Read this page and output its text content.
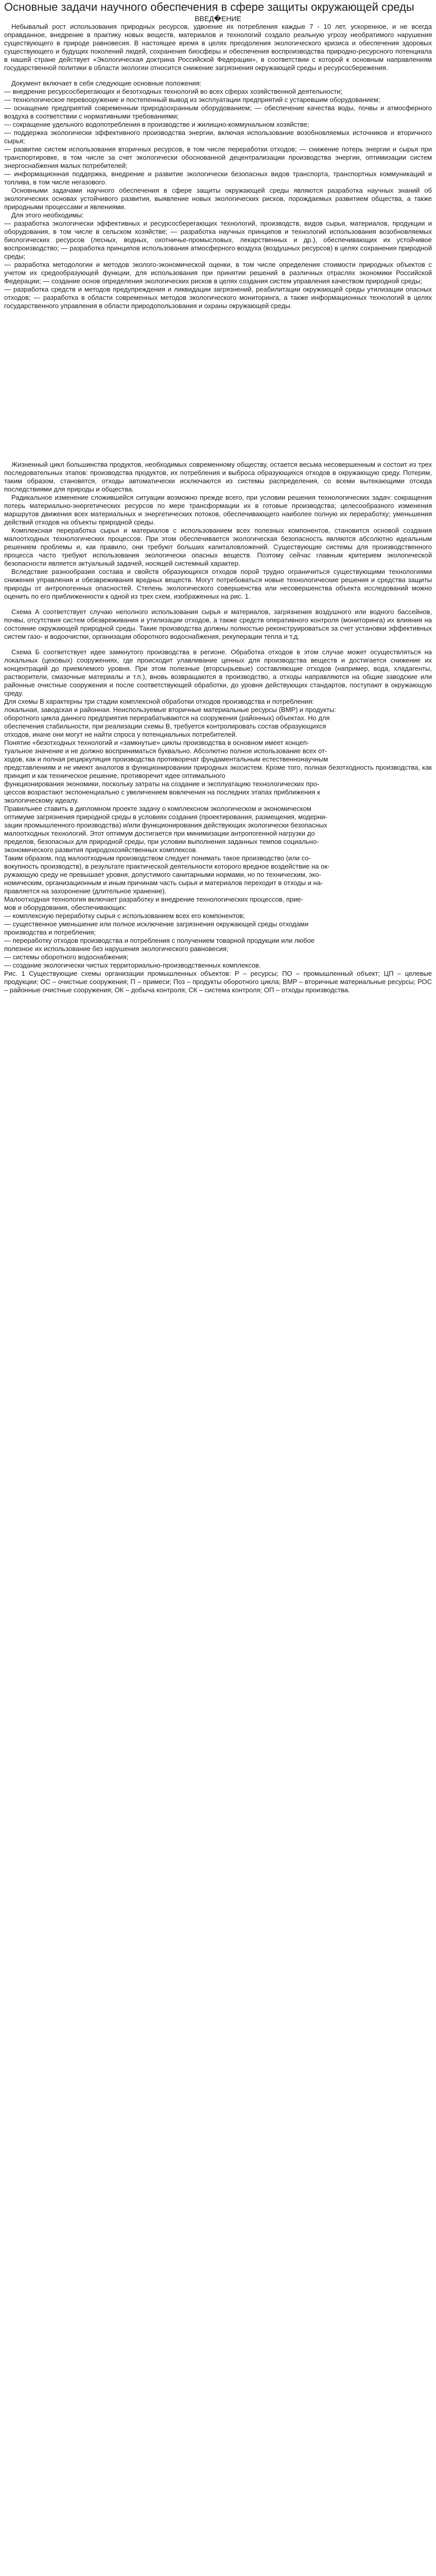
Основные задачи научного обеспечения в сфере защиты окружающей среды
ВВЕД�ЕНИЕ

Небывалый рост использования природных ресурсов, удвоение их потребления каждые 7 - 10 лет, ускоренное, и не всегда оправданное, внедрение в практику новых веществ, материалов и технологий создало реальную угрозу необратимого нарушения существующего в природе равновесия. В настоящее время в целях преодоления экологического кризиса и обеспечения здоровых существующего и будущих поколений людей, сохранения биосферы и обеспечения воспроизводства природно-ресурсного потенциала в нашей стране действует «Экологическая доктрина Российской Федерации», в соответствии с которой к основным направлениям государственной политики в области экологии относится снижение загрязнения окружающей среды и ресурсосбережения.

Документ включает в себя следующие основные положения:

— внедрение ресурсосберегающих и безотходных технологий во всех сферах хозяйственной деятельности;

— технологическое перевооружение и постепенный вывод из эксплуатации предприятий с устаревшим оборудованием;

— оснащение предприятий современным природоохранным оборудованием; — обеспечение качества воды, почвы и атмосферного воздуха в соответствии с нормативными требованиями;

— сокращение удельного водопотребления в производстве и жилищно-коммунальном хозяйстве;

— поддержка экологически эффективного производства энергии, включая использование возобновляемых источников и вторичного сырья;

— развитие систем использования вторичных ресурсов, в том числе переработки отходов; — снижение потерь энергии и сырья при транспортировке, в том числе за счет экологически обоснованной децентрализации производства энергии, оптимизации систем энергоснабжения малых потребителей;

— информационная поддержка, внедрение и развитие экологически безопасных видов транспорта, транспортных коммуникаций и топлива, в том числе негазового.

Основными задачами научного обеспечения в сфере защиты окружающей среды являются разработка научных знаний об экологических основах устойчивого развития, выявление новых экологических рисков, порождаемых развитием общества, а также природными процессами и явлениями.

Для этого необходимы:

— разработка экологически эффективных и ресурсосберегающих технологий, производств, видов сырья, материалов, продукции и оборудования, в том числе в сельском хозяйстве; — разработка научных принципов и технологий использования возобновляемых биологических ресурсов (лесных, водных, охотничье-промысловых, лекарственных и др.), обеспечивающих их устойчивое воспроизводство; — разработка принципов использования атмосферного воздуха (воздушных ресурсов) в целях сохранения природной среды;

— разработка методологии и методов эколого-экономической оценки, в том числе определения стоимости природных объектов с учетом их средообразующей функции, для использования при принятии решений в различных отраслях экономики Российской Федерации; — создание основ определения экологических рисков в целях создания систем управления качеством природной среды;

— разработка средств и методов предупреждения и ликвидации загрязнений, реабилитации окружающей среды утилизации опасных отходов; — разработка в области современных методов экологического мониторинга, а также информационных технологий в целях государственного управления в области природопользования и охраны окружающей среды.

Жизненный цикл большинства продуктов, необходимых современному обществу, остается весьма несовершенным и состоит из трех последовательных этапов: производства продуктов, их потребления и выброса образующихся отходов в окружающую среду. Потерям, таким образом, становятся, отходы автоматически исключаются из системы распределения, со всеми вытекающими отсюда последствиями для природы и общества.

Радикальное изменение сложившейся ситуации возможно прежде всего, при условии решения технологических задач: сокращения потерь материально-энергетических ресурсов по мере трансформации их в готовые производства; целесообразного изменения маршрутов движения всех материальных и энергетических потоков, обеспечивающего наиболее полную их переработку; уменьшения действий отходов на объекты природной среды.

Комплексная переработка сырья и материалов с использованием всех полезных компонентов, становится основой создания малоотходных технологических процессов. При этом обеспечивается экологическая безопасность являются абсолютно идеальным решением проблемы и, как правило, они требуют больших капиталовложений. Существующие системы для производственного процесса часто требуют использования экологически опасных веществ. Поэтому сейчас главным критерием экологической безопасности является актуальный задачей, носящей системный характер.

Вследствие разнообразия состава и свойств образующихся отходов порой трудно ограничиться существующими технологиями снижения управления и обезвреживания вредных веществ. Могут потребоваться новые технологические решения и средства защиты природы от антропогенных опасностей. Степень экологического совершенства или несовершенства объекта исследований можно оценить по его приближенности к одной из трех схем, изображенных на рис. 1.

Схема А соответствует случаю неполного использования сырья и материалов, загрязнения воздушного или водного бассейнов, почвы, отсутствия систем обезвреживания и утилизации отходов, а также средств оперативного контроля (мониторинга) их влияния на состояние окружающей природной среды. Такие производства должны полностью реконструироваться за счет установки эффективных систем газо- и водоочистки, организации оборотного водоснабжения, рекуперации тепла и т.д.

Схема Б соответствует идее замкнутого производства в регионе. Обработка отходов в этом случае может осуществляться на локальных (цеховых) сооружениях, где происходит улавливание ценных для производства веществ и достигается снижение их концентраций до приемлемого уровня. При этом полезные (вторсырьевые) составляющие отходов (например, вода, хладагенты, растворители, смазочные материалы и т.п.), вновь возвращаются в производство, а отходы направляются на общие заводские или районные очистные сооружения и после соответствующей обработки, до уровня действующих стандартов, поступают в окружающую среду.

Для схемы В характерны три стадии комплексной обработки отходов производства и потребления:

локальная, заводская и районная. Неиспользуемые вторичные материальные ресурсы (ВМР) и продукты:

оборотного цикла данного предприятия перерабатываются на сооружения (районных) объектах. Но для

обеспечения стабильности, при реализации схемы В, требуется контролировать состав образующихся

отходов, иначе они могут не найти спроса у потенциальных потребителей.

Понятие «безотходных технологий и «замкнутые» циклы производства в основном имеет концеп-

туальное значение и не должно восприниматься буквально. Абсолютно полное использование всех от-

ходов, как и полная рециркуляция производства противоречат фундаментальным естественнонаучным

представлениям и не имеют аналогов в функционировании природных экосистем. Кроме того, полная безотходность производства, как принцип и как техническое решение, противоречит идее оптимального

функционирования экономики, поскольку затраты на создание и эксплуатацию технологических про-

цессов возрастают экспоненциально с увеличением вовлечения на последних этапах приближения к

экологическому идеалу.

Правильнее ставить в дипломном проекте задачу о комплексном экологическом и экономическом

оптимуме загрязнения природной среды в условиях создания (проектирования, размещения, модерни-

зации промышленного производства) и/или функционирования действующих экологически безопасных

малоотходных технологий. Этот оптимум достигается при минимизации антропогенной нагрузки до

пределов, безопасных для природной среды, при условии выполнения заданных темпов социально-

экономического развития природохозяйственных комплексов.

Таким образом, под малоотходным производством следует понимать такое производство (или со-

вокупность производств), в результате практической деятельности которого вредное воздействие на ок-

ружающую среду не превышает уровня, допустимого санитарными нормами, но по техническим, эко-

номическим, организационным и иным причинам часть сырья и материалов переходит в отходы и на-

правляется на захоронение (длительное хранение).

Малоотходная технология включает разработку и внедрение технологических процессов, прие-

мов и оборудования, обеспечивающих:

— комплексную переработку сырья с использованием всех его компонентов;

— существенное уменьшение или полное исключение загрязнения окружающей среды отходами

производства и потребления;

— переработку отходов производства и потребления с получением товарной продукции или любое

полезное их использование без нарушения экологического равновесия;

— системы оборотного водоснабжения;

— создание экологически чистых территориально-производственных комплексов.

Рис. 1 Существующие схемы организации промышленных объектов: Р – ресурсы; ПО – промышленный объект; ЦП – целевые продукции; ОС – очистные сооружения; П – примеси; Поз – продукты оборотного цикла; ВМР – вторичные материальные ресурсы; РОС – районные очистные сооружения; ОК – добыча контроля; СК – система контроля; ОП – отходы производства.
